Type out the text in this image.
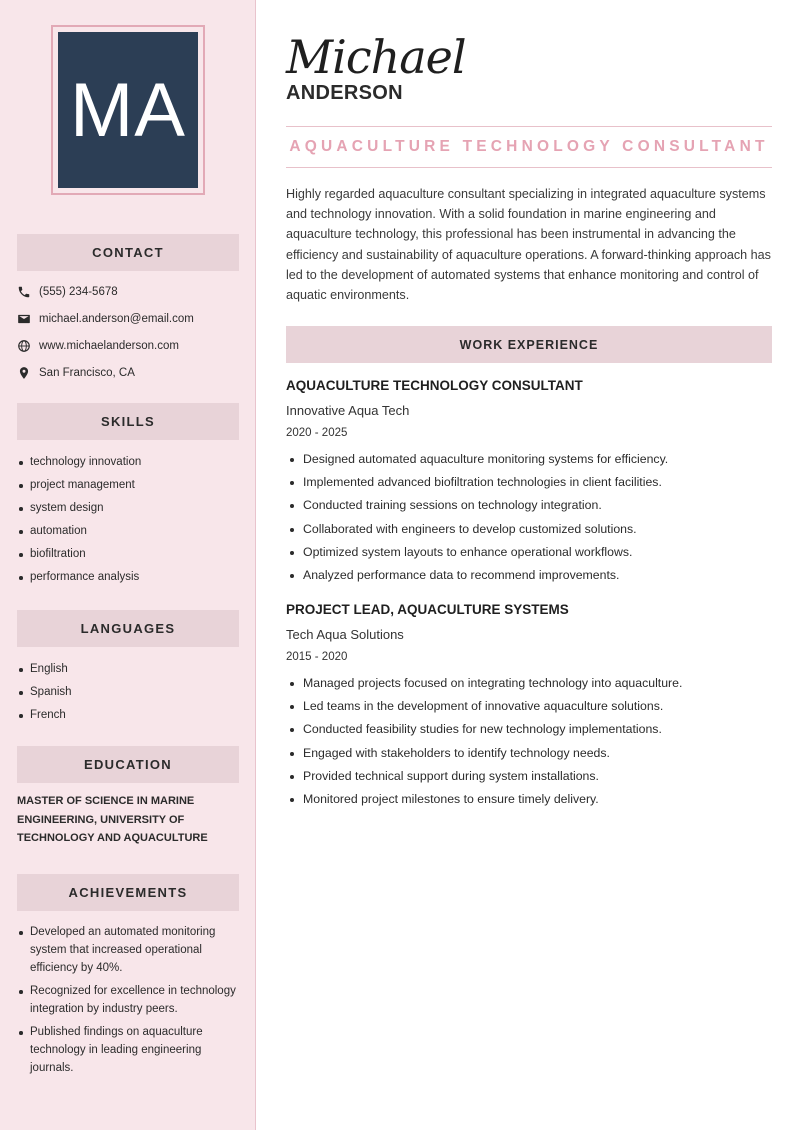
MA
CONTACT
(555) 234-5678
michael.anderson@email.com
www.michaelanderson.com
San Francisco, CA
SKILLS
technology innovation
project management
system design
automation
biofiltration
performance analysis
LANGUAGES
English
Spanish
French
EDUCATION
MASTER OF SCIENCE IN MARINE ENGINEERING, UNIVERSITY OF TECHNOLOGY AND AQUACULTURE
ACHIEVEMENTS
Developed an automated monitoring system that increased operational efficiency by 40%.
Recognized for excellence in technology integration by industry peers.
Published findings on aquaculture technology in leading engineering journals.
Michael
ANDERSON
AQUACULTURE TECHNOLOGY CONSULTANT

Highly regarded aquaculture consultant specializing in integrated aquaculture systems and technology innovation. With a solid foundation in marine engineering and aquaculture technology, this professional has been instrumental in advancing the efficiency and sustainability of aquaculture operations. A forward-thinking approach has led to the development of automated systems that enhance monitoring and control of aquatic environments.

WORK EXPERIENCE
AQUACULTURE TECHNOLOGY CONSULTANT
Innovative Aqua Tech
2020 - 2025
Designed automated aquaculture monitoring systems for efficiency.
Implemented advanced biofiltration technologies in client facilities.
Conducted training sessions on technology integration.
Collaborated with engineers to develop customized solutions.
Optimized system layouts to enhance operational workflows.
Analyzed performance data to recommend improvements.
PROJECT LEAD, AQUACULTURE SYSTEMS
Tech Aqua Solutions
2015 - 2020
Managed projects focused on integrating technology into aquaculture.
Led teams in the development of innovative aquaculture solutions.
Conducted feasibility studies for new technology implementations.
Engaged with stakeholders to identify technology needs.
Provided technical support during system installations.
Monitored project milestones to ensure timely delivery.
